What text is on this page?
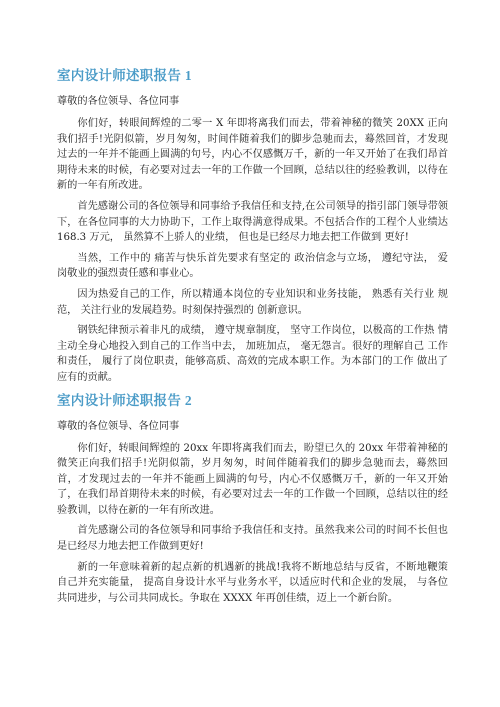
室内设计师述职报告 1

尊敬的各位领导、各位同事

你们好，转眼间辉煌的二零一 X 年即将离我们而去，带着神秘的微笑 20XX 正向我们招手!光阴似箭，岁月匆匆，时间伴随着我们的脚步急驰而去，蓦然回首，才发现过去的一年并不能画上圆满的句号，内心不仅感慨万千，新的一年又开始了在我们昂首期待未来的时候，有必要对过去一年的工作做一个回顾，总结以往的经验教训，以待在新的一年有所改进。

首先感谢公司的各位领导和同事给予我信任和支持,在公司领导的指引部门领导带领下，在各位同事的大力协助下，工作上取得满意得成果。不包括合作的工程个人业绩达 168.3 万元， 虽然算不上骄人的业绩， 但也是已经尽力地去把工作做到 更好!

当然，工作中的 痛苦与快乐首先要求有坚定的 政治信念与立场， 遵纪守法， 爱 岗敬业的强烈责任感和事业心。

因为热爱自己的工作，所以精通本岗位的专业知识和业务技能， 熟悉有关行业 规范， 关注行业的发展趋势。时刻保持强烈的 创新意识。

钢铁纪律预示着非凡的成绩， 遵守规章制度， 坚守工作岗位，以极高的工作热 情主动全身心地投入到自己的工作当中去， 加班加点， 毫无怨言。很好的理解自己 工作和责任， 履行了岗位职责，能够高质、高效的完成本职工作。为本部门的工作 做出了应有的贡献。

室内设计师述职报告 2

尊敬的各位领导、各位同事

你们好，转眼间辉煌的 20xx 年即将离我们而去，盼望已久的 20xx 年带着神秘的微笑正向我们招手!光阴似箭，岁月匆匆，时间伴随着我们的脚步急驰而去，蓦然回首，才发现过去的一年并不能画上圆满的句号，内心不仅感慨万千，新的一年又开始了，在我们昂首期待未来的时候，有必要对过去一年的工作做一个回顾，总结以往的经验教训，以待在新的一年有所改进。

首先感谢公司的各位领导和同事给予我信任和支持。虽然我来公司的时间不长但也是已经尽力地去把工作做到更好!

新的一年意味着新的起点新的机遇新的挑战!我将不断地总结与反省，不断地鞭策自己并充实能量， 提高自身设计水平与业务水平，以适应时代和企业的发展， 与各位共同进步，与公司共同成长。争取在 XXXX 年再创佳绩，迈上一个新台阶。
